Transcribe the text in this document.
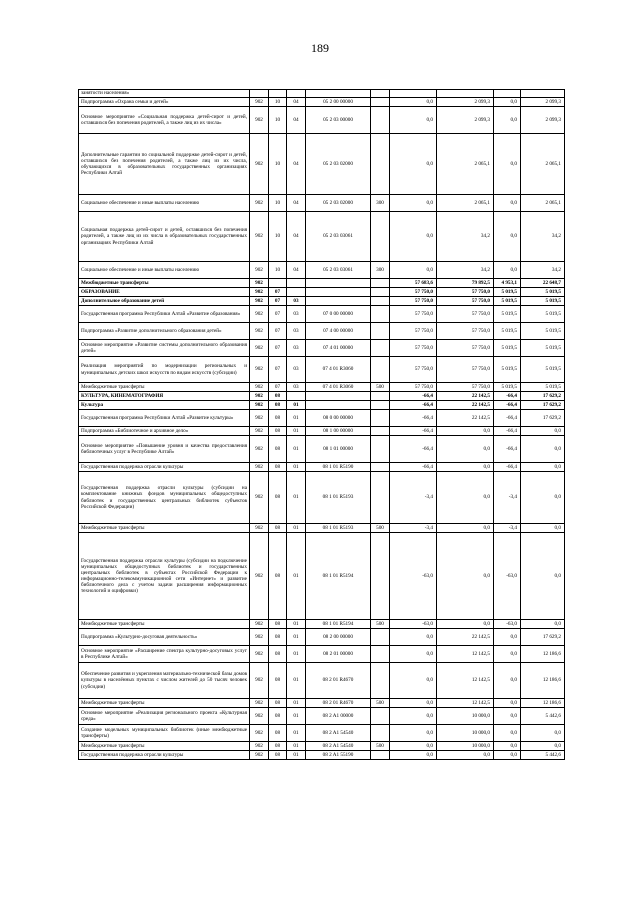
189
занятости населения»									
Подпрограмма «Охрана семьи и детей»	902	10	04	05 2 00 00000		0,0	2 099,3	0,0	2 099,3
Основное мероприятие «Социальная поддержка детей-сирот и детей, оставшихся без попечения родителей, а также лиц из их числа»	902	10	04	05 2 03 00000		0,0	2 099,3	0,0	2 099,3
Дополнительные гарантии по социальной поддержке детей-сирот и детей, оставшихся без попечения родителей, а также лиц из их числа, обучающихся в образовательных государственных организациях Республики Алтай	902	10	04	05 2 03 02000		0,0	2 065,1	0,0	2 065,1
Социальное обеспечение и иные выплаты населению	902	10	04	05 2 03 02000	300	0,0	2 065,1	0,0	2 065,1
Социальная поддержка детей-сирот и детей, оставшихся без попечения родителей, а также лиц из их числа в образовательных государственных организациях Республики Алтай	902	10	04	05 2 03 03061		0,0	34,2	0,0	34,2
Социальное обеспечение и иные выплаты населению	902	10	04	05 2 03 03061	300	0,0	34,2	0,0	34,2
Межбюджетные трансферты	902					57 683,6	79 892,5	4 953,1	22 648,7
ОБРАЗОВАНИЕ	902	07				57 750,0	57 750,0	5 019,5	5 019,5
Дополнительное образование детей	902	07	03			57 750,0	57 750,0	5 019,5	5 019,5
Государственная программа Республики Алтай «Развитие образования»	902	07	03	07 0 00 00000		57 750,0	57 750,0	5 019,5	5 019,5
Подпрограмма «Развитие дополнительного образования детей»	902	07	03	07 4 00 00000		57 750,0	57 750,0	5 019,5	5 019,5
Основное мероприятие «Развитие системы дополнительного образования детей»	902	07	03	07 4 01 00000		57 750,0	57 750,0	5 019,5	5 019,5
Реализация мероприятий по модернизации региональных и муниципальных детских школ искусств по видам искусств (субсидии)	902	07	03	07 4 01 R3060		57 750,0	57 750,0	5 019,5	5 019,5
Межбюджетные трансферты	902	07	03	07 4 01 R3060	500	57 750,0	57 750,0	5 019,5	5 019,5
КУЛЬТУРА, КИНЕМАТОГРАФИЯ	902	08				-66,4	22 142,5	-66,4	17 629,2
Культура	902	08	01			-66,4	22 142,5	-66,4	17 629,2
Государственная программа Республики Алтай «Развитие культуры»	902	08	01	08 0 00 00000		-66,4	22 142,5	-66,4	17 629,2
Подпрограмма «Библиотечное и архивное дело»	902	08	01	08 1 00 00000		-66,4	0,0	-66,4	0,0
Основное мероприятие «Повышение уровня и качества предоставления библиотечных услуг в Республике Алтай»	902	08	01	08 1 01 00000		-66,4	0,0	-66,4	0,0
Государственная поддержка отрасли культуры	902	08	01	08 1 01 R5190		-66,4	0,0	-66,4	0,0
Государственная поддержка отрасли культуры (субсидии на комплектование книжных фондов муниципальных общедоступных библиотек и государственных центральных библиотек субъектов Российской Федерации)	902	08	01	08 1 01 R5193		-3,4	0,0	-3,4	0,0
Межбюджетные трансферты	902	08	01	08 1 01 R5193	500	-3,4	0,0	-3,4	0,0
Государственная поддержка отрасли культуры (субсидии на подключение муниципальных общедоступных библиотек и государственных центральных библиотек в субъектах Российской Федерации к информационно-телекоммуникационной сети «Интернет» и развитие библиотечного дела с учетом задачи расширения информационных технологий и оцифровки)	902	08	01	08 1 01 R5194		-63,0	0,0	-63,0	0,0
Межбюджетные трансферты	902	08	01	08 1 01 R5194	500	-63,0	0,0	-63,0	0,0
Подпрограмма «Культурно-досуговая деятельность»	902	08	01	08 2 00 00000		0,0	22 142,5	0,0	17 629,2
Основное мероприятие «Расширение спектра культурно-досуговых услуг в Республике Алтай»	902	08	01	08 2 01 00000		0,0	12 142,5	0,0	12 186,6
Обеспечение развития и укрепления материально-технической базы домов культуры в населённых пунктах с числом жителей до 50 тысяч человек (субсидии)	902	08	01	08 2 01 R4670		0,0	12 142,5	0,0	12 186,6
Межбюджетные трансферты	902	08	01	08 2 01 R4670	500	0,0	12 142,5	0,0	12 186,6
Основное мероприятие «Реализация регионального проекта «Культурная среда»	902	08	01	08 2 A1 00000		0,0	10 000,0	0,0	5 442,6
Создание модельных муниципальных библиотек (иные межбюджетные трансферты)	902	08	01	08 2 A1 54540		0,0	10 000,0	0,0	0,0
Межбюджетные трансферты	902	08	01	08 2 A1 54540	500	0,0	10 000,0	0,0	0,0
Государственная поддержка отрасли культуры	902	08	01	08 2 A1 55190		0,0	0,0	0,0	5 442,6
